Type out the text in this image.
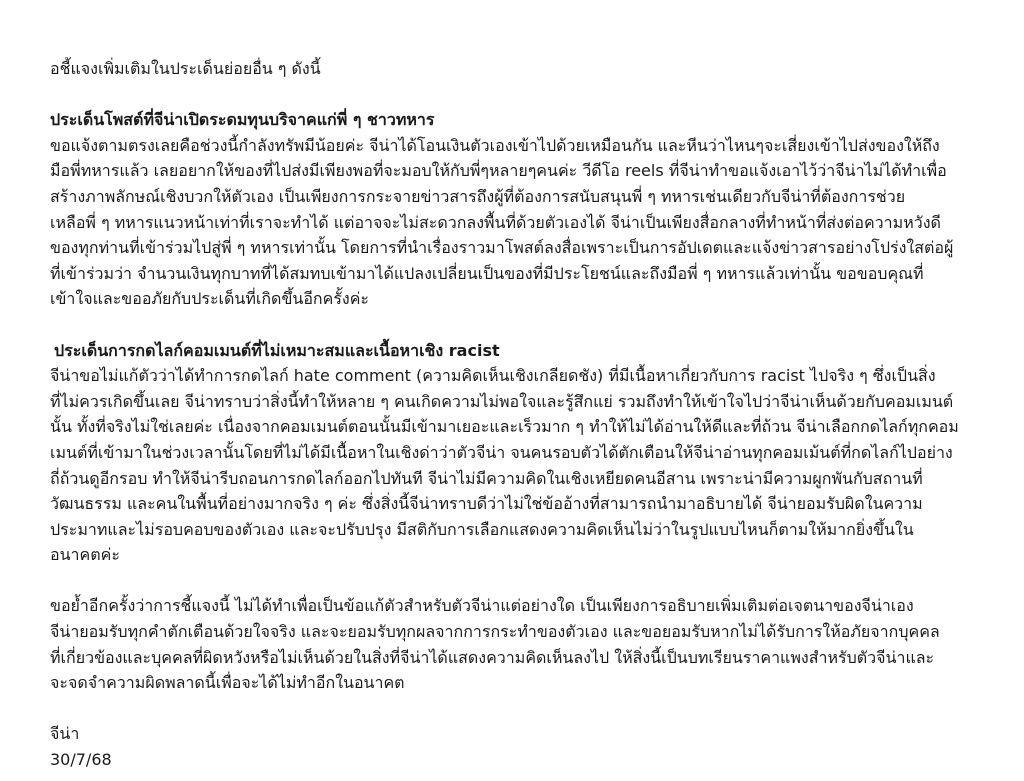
อชี้แจงเพิ่มเติมในประเด็นย่อยอื่น ๆ ดังนี้
ประเด็นโพสต์ที่จีน่าเปิดระดมทุนบริจาคแก่พี่ ๆ ชาวทหาร
ขอแจ้งตามตรงเลยคือช่วงนี้กำลังทรัพมีน้อยค่ะ จีน่าได้โอนเงินตัวเองเข้าไปด้วยเหมือนกัน และหีนว่าไหนๆจะเสี่ยงเข้าไปส่งของให้ถึง
มือพี่ทหารแล้ว เลยอยากให้ของที่ไปส่งมีเพียงพอที่จะมอบให้กับพี่ๆหลายๆคนค่ะ วีดีโอ reels ที่จีน่าทำขอแจ้งเอาไว้ว่าจีน่าไม่ได้ทำเพื่อ
สร้างภาพลักษณ์เชิงบวกให้ตัวเอง เป็นเพียงการกระจายข่าวสารถึงผู้ที่ต้องการสนับสนุนพี่ ๆ ทหารเช่นเดียวกับจีน่าที่ต้องการช่วย
เหลือพี่ ๆ ทหารแนวหน้าเท่าที่เราจะทำได้ แต่อาจจะไม่สะดวกลงพื้นที่ด้วยตัวเองได้ จีน่าเป็นเพียงสื่อกลางที่ทำหน้าที่ส่งต่อความหวังดี
ของทุกท่านที่เข้าร่วมไปสู่พี่ ๆ ทหารเท่านั้น โดยการที่นำเรื่องราวมาโพสต์ลงสื่อเพราะเป็นการอัปเดตและแจ้งข่าวสารอย่างโปร่งใสต่อผู้
ที่เข้าร่วมว่า จำนวนเงินทุกบาทที่ได้สมทบเข้ามาได้แปลงเปลี่ยนเป็นของที่มีประโยชน์และถึงมือพี่ ๆ ทหารแล้วเท่านั้น ขอขอบคุณที่
เข้าใจและขออภัยกับประเด็นที่เกิดขึ้นอีกครั้งค่ะ
ประเด็นการกดไลก์คอมเมนต์ที่ไม่เหมาะสมและเนื้อหาเชิง racist
จีน่าขอไม่แก้ตัวว่าได้ทำการกดไลก์ hate comment (ความคิดเห็นเชิงเกลียดชัง) ที่มีเนื้อหาเกี่ยวกับการ racist ไปจริง ๆ ซึ่งเป็นสิ่ง
ที่ไม่ควรเกิดขึ้นเลย จีน่าทราบว่าสิ่งนี้ทำให้หลาย ๆ คนเกิดความไม่พอใจและรู้สึกแย่ รวมถึงทำให้เข้าใจไปว่าจีน่าเห็นด้วยกับคอมเมนต์
นั้น ทั้งที่จริงไม่ใช่เลยค่ะ เนื่องจากคอมเมนต์ตอนนั้นมีเข้ามาเยอะและเร็วมาก ๆ ทำให้ไม่ได้อ่านให้ดีและที่ถ้วน จีน่าเลือกกดไลก์ทุกคอม
เมนต์ที่เข้ามาในช่วงเวลานั้นโดยที่ไม่ได้มีเนื้อหาในเชิงด่าว่าตัวจีน่า จนคนรอบตัวได้ตักเตือนให้จีน่าอ่านทุกคอมเม้นต์ที่กดไลก์ไปอย่าง
ถี่ถ้วนดูอีกรอบ ทำให้จีน่ารีบถอนการกดไลก์ออกไปทันที จีน่าไม่มีความคิดในเชิงเหยียดคนอีสาน เพราะน่ามีความผูกพันกับสถานที่
วัฒนธรรม และคนในพื้นที่อย่างมากจริง ๆ ค่ะ ซึ่งสิ่งนี้จีน่าทราบดีว่าไม่ใช่ข้ออ้างที่สามารถนำมาอธิบายได้ จีน่ายอมรับผิดในความ
ประมาทและไม่รอบคอบของตัวเอง และจะปรับปรุง มีสติกับการเลือกแสดงความคิดเห็นไม่ว่าในรูปแบบไหนก็ตามให้มากยิ่งขึ้นใน
อนาคตค่ะ
ขอย้ำอีกครั้งว่าการชี้แจงนี้ ไม่ได้ทำเพื่อเป็นข้อแก้ตัวสำหรับตัวจีน่าแต่อย่างใด เป็นเพียงการอธิบายเพิ่มเติมต่อเจตนาของจีน่าเอง
จีน่ายอมรับทุกคำตักเตือนด้วยใจจริง และจะยอมรับทุกผลจากการกระทำของตัวเอง และขอยอมรับหากไม่ได้รับการให้อภัยจากบุคคล
ที่เกี่ยวข้องและบุคคลที่ผิดหวังหรือไม่เห็นด้วยในสิ่งที่จีน่าได้แสดงความคิดเห็นลงไป ให้สิ่งนี้เป็นบทเรียนราคาแพงสำหรับตัวจีน่าและ
จะจดจำความผิดพลาดนี้เพื่อจะได้ไม่ทำอีกในอนาคต
จีน่า
30/7/68
